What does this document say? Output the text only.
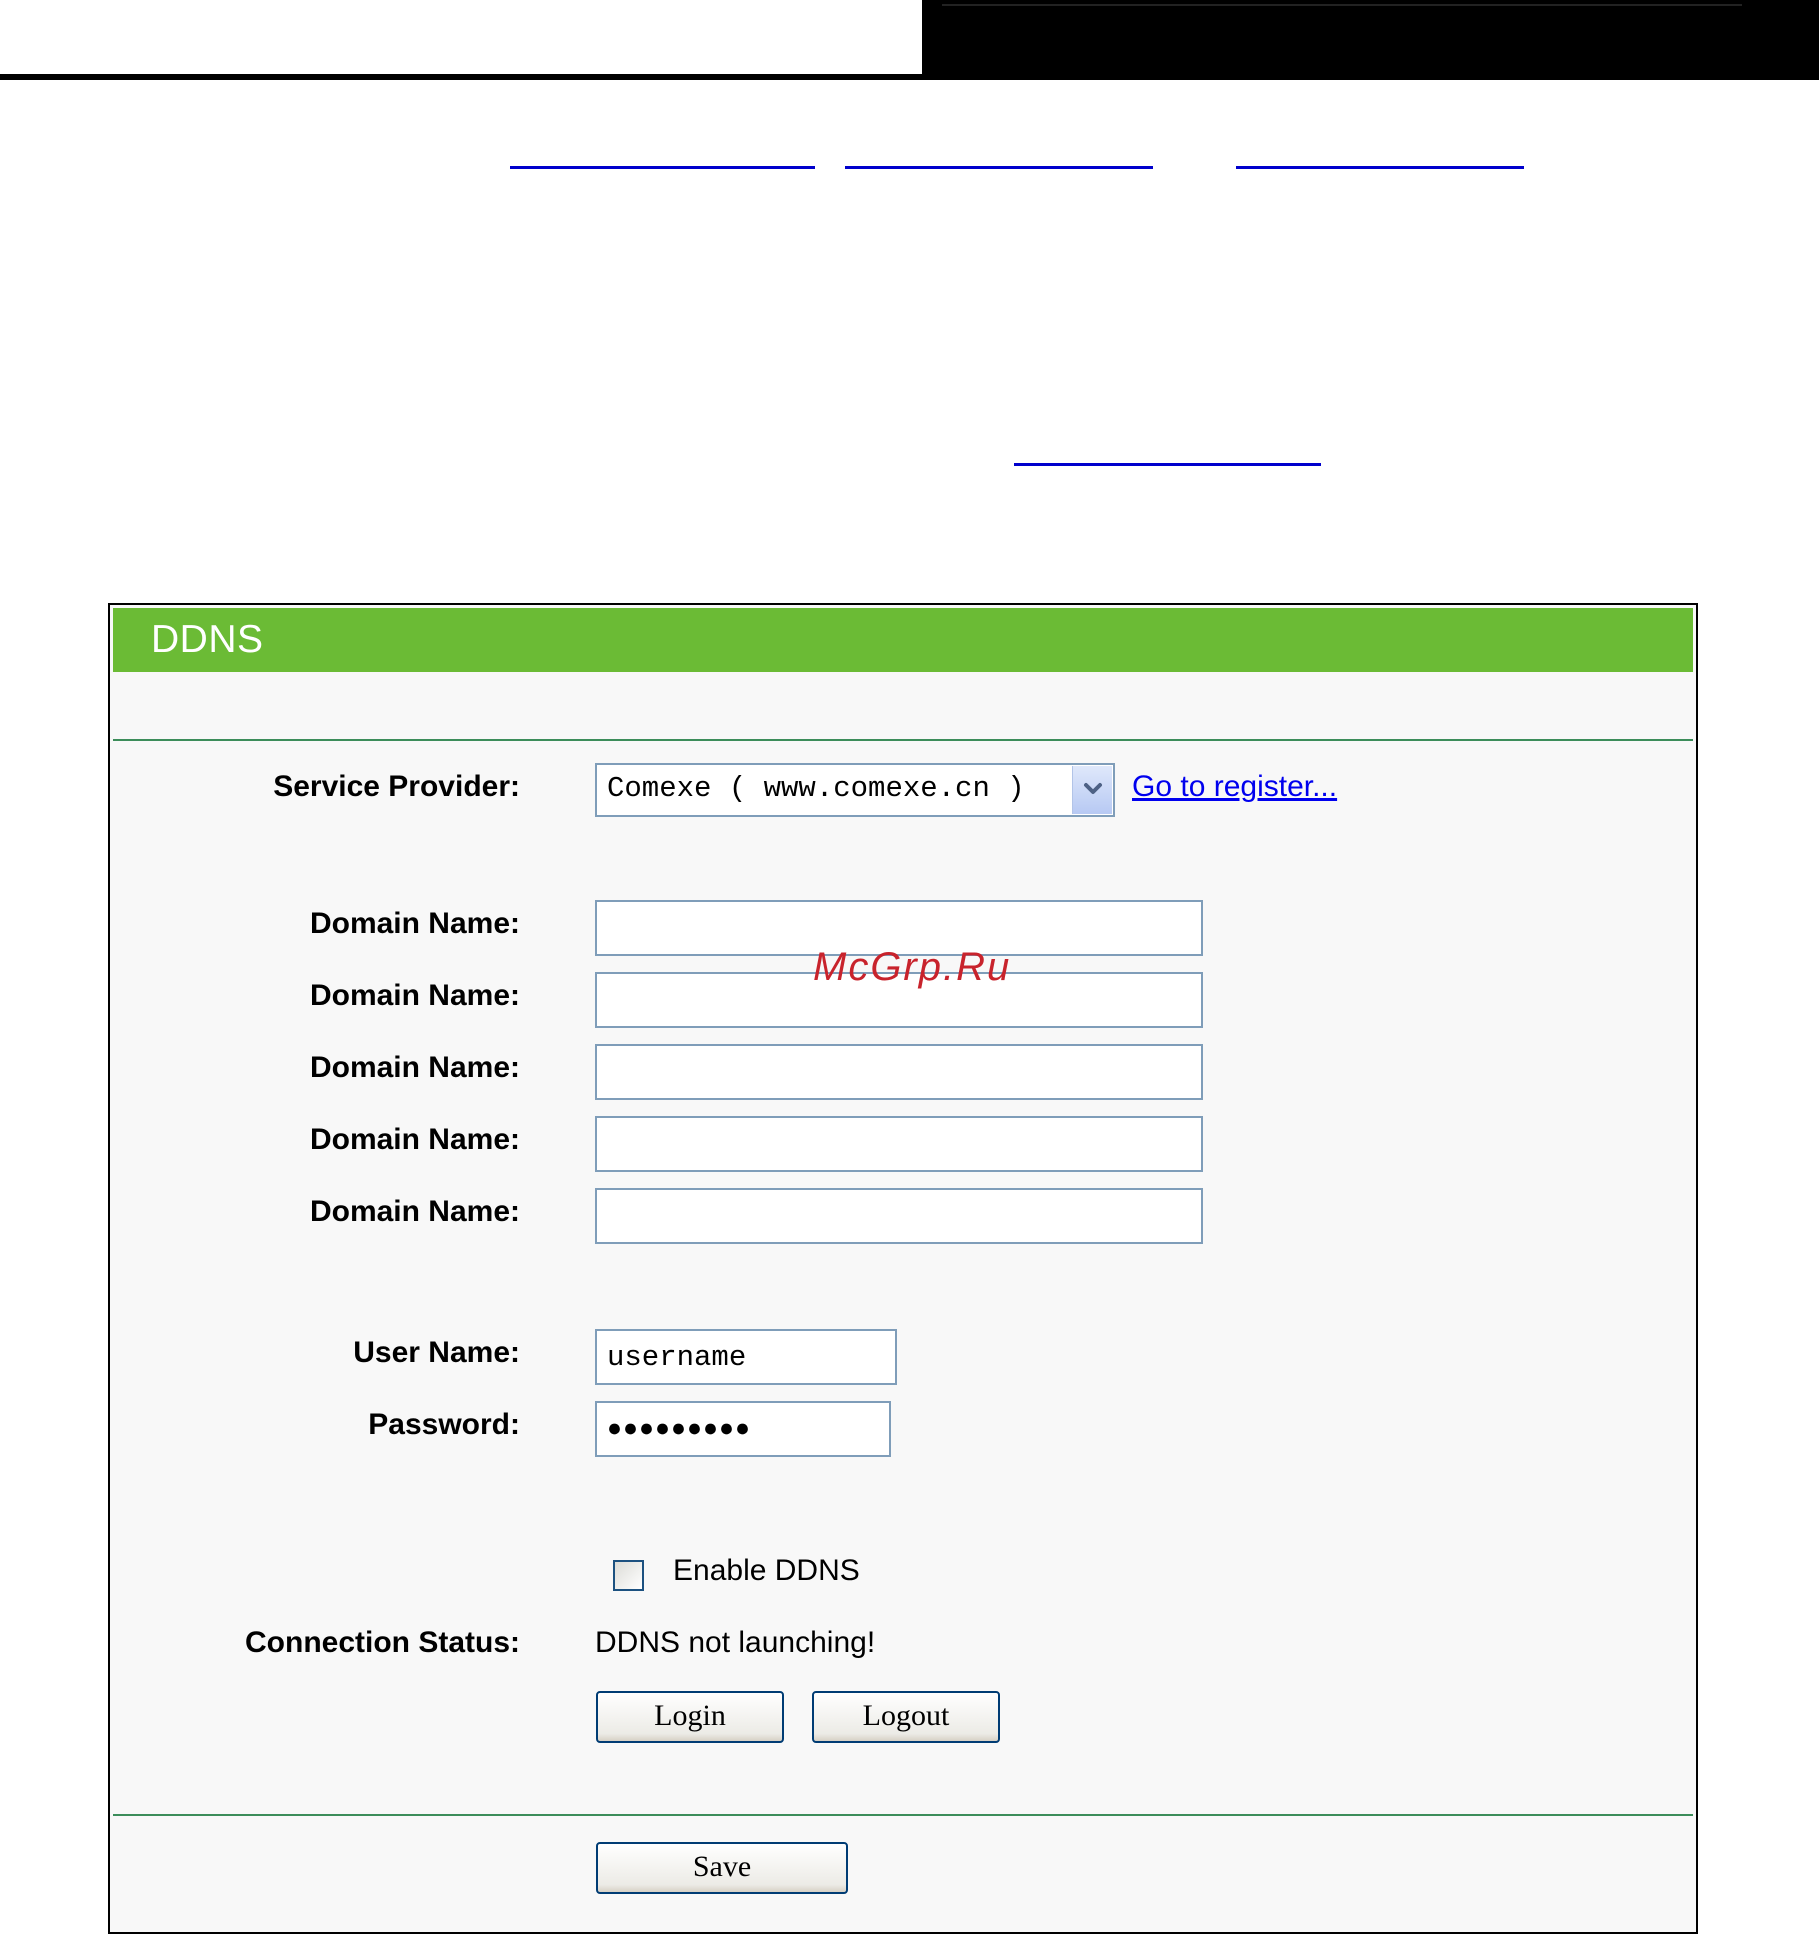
DDNS
Service Provider:	Comexe ( www.comexe.cn )	Go to register...
Domain Name:
Domain Name:
Domain Name:
Domain Name:
Domain Name:
User Name:
username
Password:
●●●●●●●●●
Enable DDNS
Connection Status:	DDNS not launching!
Login	Logout
Save
McGrp.Ru
